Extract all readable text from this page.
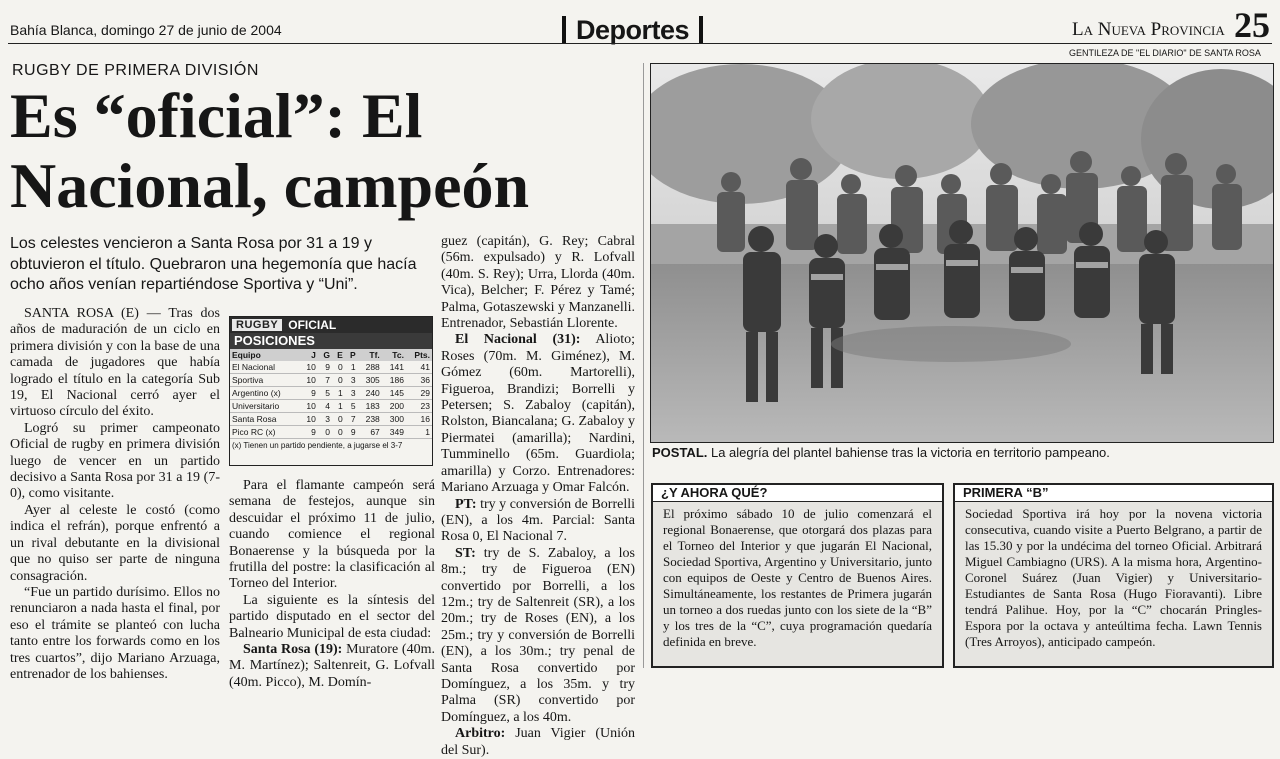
Bahía Blanca, domingo 27 de junio de 2004	Deportes	La Nueva Provincia 25
GENTILEZA DE "EL DIARIO" DE SANTA ROSA
RUGBY DE PRIMERA DIVISIÓN
Es “oficial”: El
Nacional, campeón
Los celestes vencieron a Santa Rosa por 31 a 19 y obtuvieron el título. Quebraron una hegemonía que hacía ocho años venían repartiéndose Sportiva y “Uni”.

SANTA ROSA (E) — Tras dos años de maduración de un ciclo en primera división y con la base de una camada de jugadores que había logrado el título en la categoría Sub 19, El Nacional cerró ayer el virtuoso círculo del éxito.

Logró su primer campeonato Oficial de rugby en primera división luego de vencer en un partido decisivo a Santa Rosa por 31 a 19 (7-0), como visitante.

Ayer al celeste le costó (como indica el refrán), porque enfrentó a un rival debutante en la divisional que no quiso ser parte de ninguna consagración.

“Fue un partido durísimo. Ellos no renunciaron a nada hasta el final, por eso el trámite se planteó con lucha tanto entre los forwards como en los tres cuartos”, dijo Mariano Arzuaga, entrenador de los bahienses.

RUGBY OFICIAL
POSICIONES
Equipo	J	G	E	P	Tf.	Tc.	Pts.
El Nacional	10	9	0	1	288	141	41
Sportiva	10	7	0	3	305	186	36
Argentino (x)	9	5	1	3	240	145	29
Universitario	10	4	1	5	183	200	23
Santa Rosa	10	3	0	7	238	300	16
Pico RC (x)	9	0	0	9	67	349	1
(x) Tienen un partido pendiente, a jugarse el 3-7

Para el flamante campeón será semana de festejos, aunque sin descuidar el próximo 11 de julio, cuando comience el regional Bonaerense y la búsqueda por la frutilla del postre: la clasificación al Torneo del Interior.

La siguiente es la síntesis del partido disputado en el sector del Balneario Municipal de esta ciudad:

Santa Rosa (19): Muratore (40m. M. Martínez); Saltenreit, G. Lofvall (40m. Picco), M. Domín-

guez (capitán), G. Rey; Cabral (56m. expulsado) y R. Lofvall (40m. S. Rey); Urra, Llorda (40m. Vica), Belcher; F. Pérez y Tamé; Palma, Gotaszewski y Manzanelli. Entrenador, Sebastián Llorente.

El Nacional (31): Alioto; Roses (70m. M. Giménez), M. Gómez (60m. Martorelli), Figueroa, Brandizi; Borrelli y Petersen; S. Zabaloy (capitán), Rolston, Biancalana; G. Zabaloy y Piermatei (amarilla); Nardini, Tumminello (65m. Guardiola; amarilla) y Corzo. Entrenadores: Mariano Arzuaga y Omar Falcón.

PT: try y conversión de Borrelli (EN), a los 4m. Parcial: Santa Rosa 0, El Nacional 7.

ST: try de S. Zabaloy, a los 8m.; try de Figueroa (EN) convertido por Borrelli, a los 12m.; try de Saltenreit (SR), a los 20m.; try de Roses (EN), a los 25m.; try y conversión de Borrelli (EN), a los 30m.; try penal de Santa Rosa convertido por Domínguez, a los 35m. y try Palma (SR) convertido por Domínguez, a los 40m.

Arbitro: Juan Vigier (Unión del Sur).

POSTAL. La alegría del plantel bahiense tras la victoria en territorio pampeano.
¿Y AHORA QUÉ?

El próximo sábado 10 de julio comenzará el regional Bonaerense, que otorgará dos plazas para el Torneo del Interior y que jugarán El Nacional, Sociedad Sportiva, Argentino y Universitario, junto con equipos de Oeste y Centro de Buenos Aires. Simultáneamente, los restantes de Primera jugarán un torneo a dos ruedas junto con los siete de la “B” y los tres de la “C”, cuya programación quedaría definida en breve.

PRIMERA “B”

Sociedad Sportiva irá hoy por la novena victoria consecutiva, cuando visite a Puerto Belgrano, a partir de las 15.30 y por la undécima del torneo Oficial. Arbitrará Miguel Cambiagno (URS). A la misma hora, Argentino-Coronel Suárez (Juan Vigier) y Universitario-Estudiantes de Santa Rosa (Hugo Fioravanti). Libre tendrá Palihue. Hoy, por la “C” chocarán Pringles-Espora por la octava y anteúltima fecha. Lawn Tennis (Tres Arroyos), anticipado campeón.
